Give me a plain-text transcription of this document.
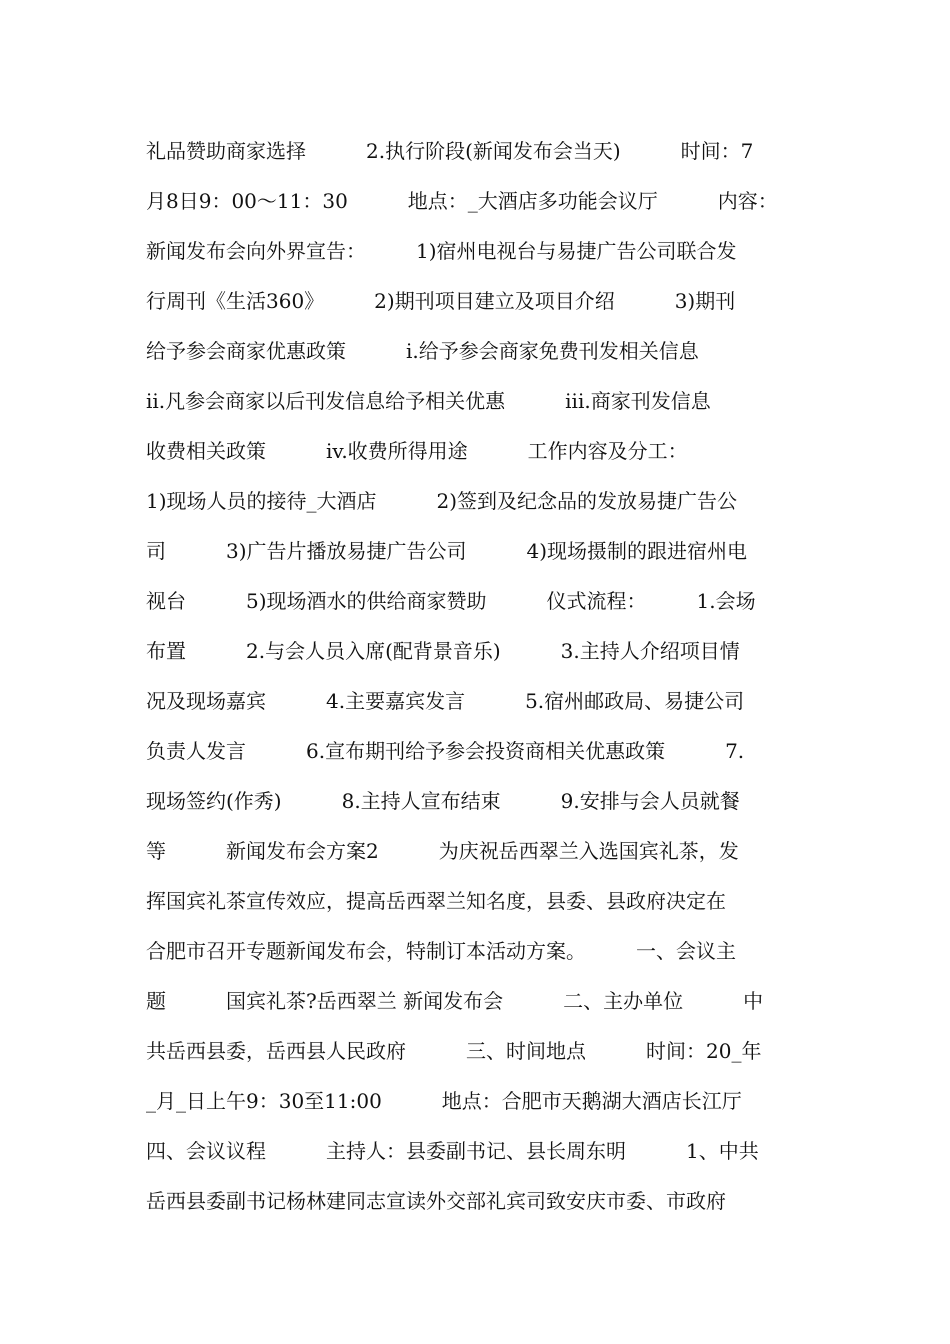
礼品赞助商家选择　　　2.执行阶段(新闻发布会当天)　　　时间：7
月8日9：00～11：30　　　地点：_大酒店多功能会议厅　　　内容：
新闻发布会向外界宣告：　　　1)宿州电视台与易捷广告公司联合发
行周刊《生活360》　　　2)期刊项目建立及项目介绍　　　3)期刊
给予参会商家优惠政策　　　i.给予参会商家免费刊发相关信息
ii.凡参会商家以后刊发信息给予相关优惠　　　iii.商家刊发信息
收费相关政策　　　iv.收费所得用途　　　工作内容及分工：
1)现场人员的接待_大酒店　　　2)签到及纪念品的发放易捷广告公
司　　　3)广告片播放易捷广告公司　　　4)现场摄制的跟进宿州电
视台　　　5)现场酒水的供给商家赞助　　　仪式流程：　　　1.会场
布置　　　2.与会人员入席(配背景音乐)　　　3.主持人介绍项目情
况及现场嘉宾　　　4.主要嘉宾发言　　　5.宿州邮政局、易捷公司
负责人发言　　　6.宣布期刊给予参会投资商相关优惠政策　　　7.
现场签约(作秀)　　　8.主持人宣布结束　　　9.安排与会人员就餐
等　　　新闻发布会方案2　　　为庆祝岳西翠兰入选国宾礼茶，发
挥国宾礼茶宣传效应，提高岳西翠兰知名度，县委、县政府决定在
合肥市召开专题新闻发布会，特制订本活动方案。　　　一、会议主
题　　　国宾礼茶?岳西翠兰 新闻发布会　　　二、主办单位　　　中
共岳西县委，岳西县人民政府　　　三、时间地点　　　时间：20_年
_月_日上午9：30至11:00　　　地点：合肥市天鹅湖大酒店长江厅
四、会议议程　　　主持人：县委副书记、县长周东明　　　1、中共
岳西县委副书记杨林建同志宣读外交部礼宾司致安庆市委、市政府
